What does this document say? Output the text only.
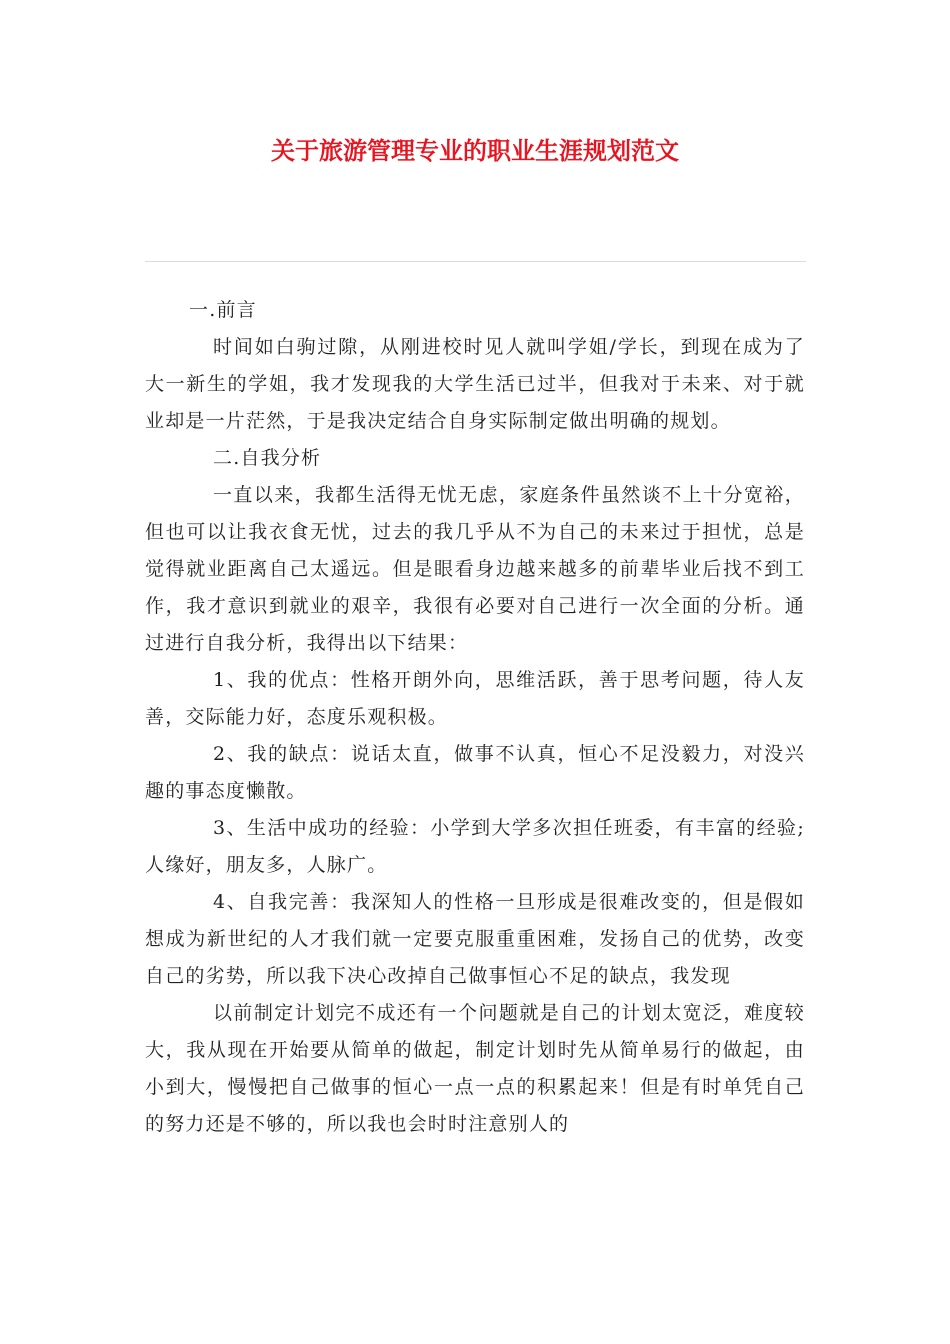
关于旅游管理专业的职业生涯规划范文

一.前言

时间如白驹过隙，从刚进校时见人就叫学姐/学长，到现在成为了大一新生的学姐，我才发现我的大学生活已过半，但我对于未来、对于就业却是一片茫然，于是我决定结合自身实际制定做出明确的规划。

二.自我分析

一直以来，我都生活得无忧无虑，家庭条件虽然谈不上十分宽裕，但也可以让我衣食无忧，过去的我几乎从不为自己的未来过于担忧，总是觉得就业距离自己太遥远。但是眼看身边越来越多的前辈毕业后找不到工作，我才意识到就业的艰辛，我很有必要对自己进行一次全面的分析。通过进行自我分析，我得出以下结果：

1、我的优点：性格开朗外向，思维活跃，善于思考问题，待人友善，交际能力好，态度乐观积极。

2、我的缺点：说话太直，做事不认真，恒心不足没毅力，对没兴趣的事态度懒散。

3、生活中成功的经验：小学到大学多次担任班委，有丰富的经验;人缘好，朋友多，人脉广。

4、自我完善：我深知人的性格一旦形成是很难改变的，但是假如想成为新世纪的人才我们就一定要克服重重困难，发扬自己的优势，改变自己的劣势，所以我下决心改掉自己做事恒心不足的缺点，我发现

以前制定计划完不成还有一个问题就是自己的计划太宽泛，难度较大，我从现在开始要从简单的做起，制定计划时先从简单易行的做起，由小到大，慢慢把自己做事的恒心一点一点的积累起来！但是有时单凭自己的努力还是不够的，所以我也会时时注意别人的
